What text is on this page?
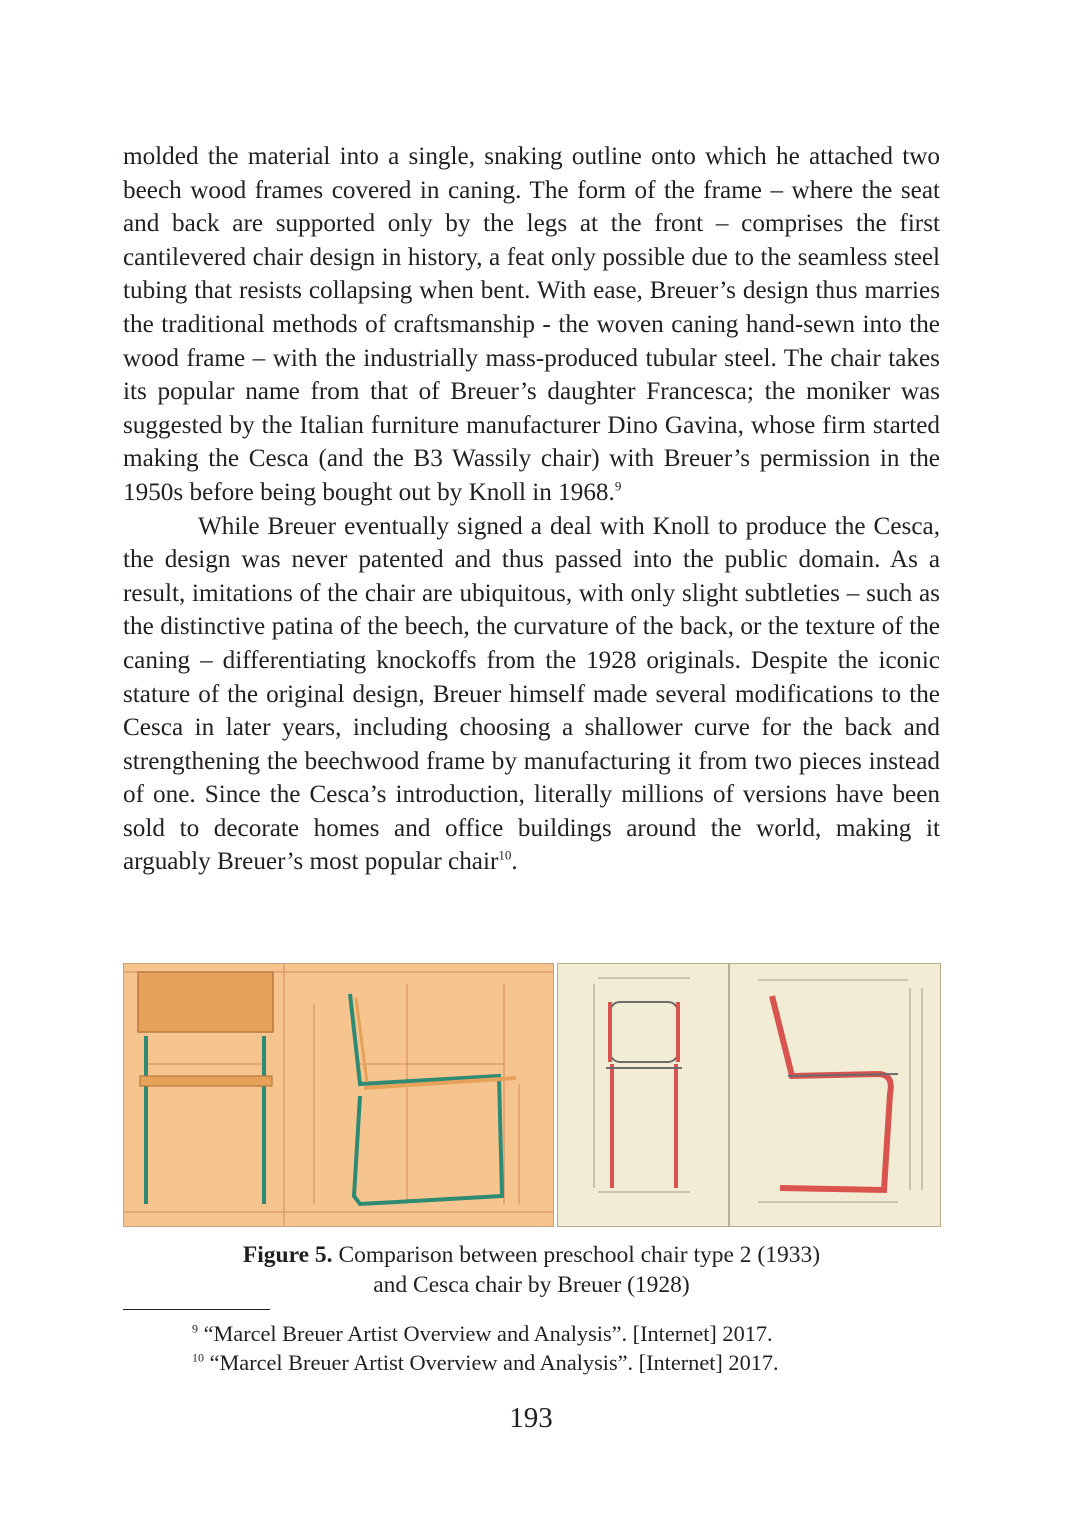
molded the material into a single, snaking outline onto which he attached two beech wood frames covered in caning. The form of the frame – where the seat and back are supported only by the legs at the front – comprises the first cantilevered chair design in history, a feat only possible due to the seamless steel tubing that resists collapsing when bent. With ease, Breuer’s design thus marries the traditional methods of craftsmanship - the woven caning hand-sewn into the wood frame – with the industrially mass-produced tubular steel. The chair takes its popular name from that of Breuer’s daughter Francesca; the moniker was suggested by the Italian furniture manufacturer Dino Gavina, whose firm started making the Cesca (and the B3 Wassily chair) with Breuer’s permission in the 1950s before being bought out by Knoll in 1968.$^9$

While Breuer eventually signed a deal with Knoll to produce the Cesca, the design was never patented and thus passed into the public domain. As a result, imitations of the chair are ubiquitous, with only slight subtleties – such as the distinctive patina of the beech, the curvature of the back, or the texture of the caning – differentiating knockoffs from the 1928 originals. Despite the iconic stature of the original design, Breuer himself made several modifications to the Cesca in later years, including choosing a shallower curve for the back and strengthening the beechwood frame by manufacturing it from two pieces instead of one. Since the Cesca’s introduction, literally millions of versions have been sold to decorate homes and office buildings around the world, making it arguably Breuer’s most popular chair$^{10}$.

Figure 5. Comparison between preschool chair type 2 (1933)
and Cesca chair by Breuer (1928)
$^9$ “Marcel Breuer Artist Overview and Analysis”. [Internet] 2017.
$^{10}$ “Marcel Breuer Artist Overview and Analysis”. [Internet] 2017.
193
